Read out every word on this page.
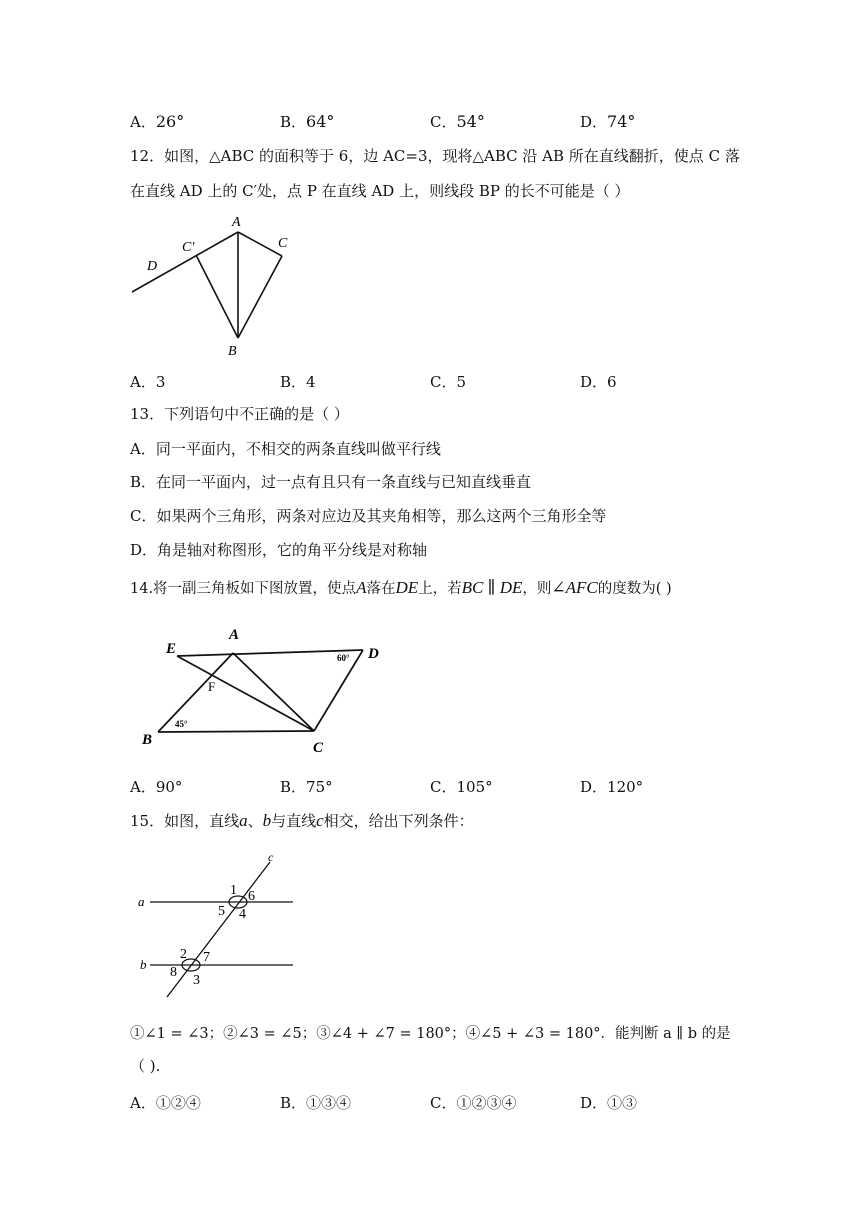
A．26°	B．64°	C．54°	D．74°
12．如图，△ABC 的面积等于 6，边 AC=3，现将△ABC 沿 AB 所在直线翻折，使点 C 落
在直线 AD 上的 C′处，点 P 在直线 AD 上，则线段 BP 的长不可能是（ ）
A
C′	C
D
B
A．3	B．4	C．5	D．6
13．下列语句中不正确的是（ ）
A．同一平面内，不相交的两条直线叫做平行线
B．在同一平面内，过一点有且只有一条直线与已知直线垂直
C．如果两个三角形，两条对应边及其夹角相等，那么这两个三角形全等
D．角是轴对称图形，它的角平分线是对称轴
14.将一副三角板如下图放置，使点A落在DE上，若BC ∥ DE，则∠AFC的度数为( )
A
E	D
F
B	C
60°
45°
A．90°	B．75°	C．105°	D．120°
15．如图，直线a、b与直线c相交，给出下列条件：
c
a
b
1 6
5 4
2 7
8
3
①∠1 = ∠3；②∠3 = ∠5；③∠4 + ∠7 = 180°；④∠5 + ∠3 = 180°．能判断 a ∥ b 的是
（ ).
A．①②④	B．①③④	C．①②③④	D．①③
